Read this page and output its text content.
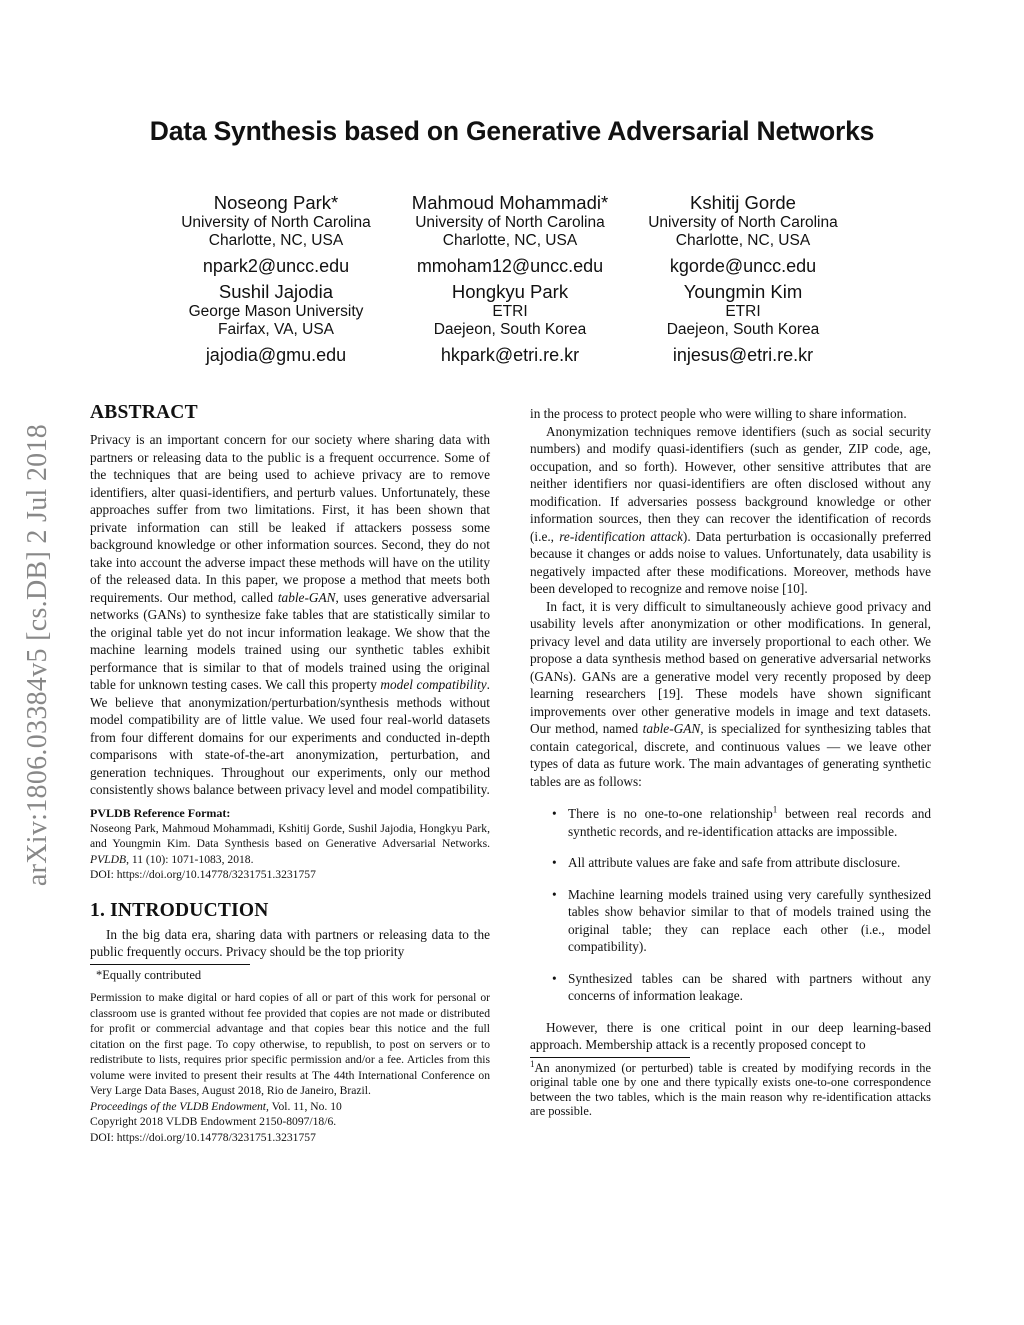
arXiv:1806.03384v5 [cs.DB] 2 Jul 2018
Data Synthesis based on Generative Adversarial Networks
Noseong Park*
University of North Carolina
Charlotte, NC, USA
npark2@uncc.edu
Mahmoud Mohammadi*
University of North Carolina
Charlotte, NC, USA
mmoham12@uncc.edu
Kshitij Gorde
University of North Carolina
Charlotte, NC, USA
kgorde@uncc.edu
Sushil Jajodia
George Mason University
Fairfax, VA, USA
jajodia@gmu.edu
Hongkyu Park
ETRI
Daejeon, South Korea
hkpark@etri.re.kr
Youngmin Kim
ETRI
Daejeon, South Korea
injesus@etri.re.kr
ABSTRACT

Privacy is an important concern for our society where sharing data with partners or releasing data to the public is a frequent occurrence. Some of the techniques that are being used to achieve privacy are to remove identifiers, alter quasi-identifiers, and perturb values. Unfortunately, these approaches suffer from two limitations. First, it has been shown that private information can still be leaked if attackers possess some background knowledge or other information sources. Second, they do not take into account the adverse impact these methods will have on the utility of the released data. In this paper, we propose a method that meets both requirements. Our method, called table-GAN, uses generative adversarial networks (GANs) to synthesize fake tables that are statistically similar to the original table yet do not incur information leakage. We show that the machine learning models trained using our synthetic tables exhibit performance that is similar to that of models trained using the original table for unknown testing cases. We call this property model compatibility. We believe that anonymization/perturbation/synthesis methods without model compatibility are of little value. We used four real-world datasets from four different domains for our experiments and conducted in-depth comparisons with state-of-the-art anonymization, perturbation, and generation techniques. Throughout our experiments, only our method consistently shows balance between privacy level and model compatibility.

PVLDB Reference Format:

Noseong Park, Mahmoud Mohammadi, Kshitij Gorde, Sushil Jajodia, Hongkyu Park, and Youngmin Kim. Data Synthesis based on Generative Adversarial Networks. PVLDB, 11 (10): 1071-1083, 2018.

DOI: https://doi.org/10.14778/3231751.3231757

1. INTRODUCTION

In the big data era, sharing data with partners or releasing data to the public frequently occurs. Privacy should be the top priority

*Equally contributed

Permission to make digital or hard copies of all or part of this work for personal or classroom use is granted without fee provided that copies are not made or distributed for profit or commercial advantage and that copies bear this notice and the full citation on the first page. To copy otherwise, to republish, to post on servers or to redistribute to lists, requires prior specific permission and/or a fee. Articles from this volume were invited to present their results at The 44th International Conference on Very Large Data Bases, August 2018, Rio de Janeiro, Brazil.

Proceedings of the VLDB Endowment, Vol. 11, No. 10

Copyright 2018 VLDB Endowment 2150-8097/18/6.

DOI: https://doi.org/10.14778/3231751.3231757

in the process to protect people who were willing to share information.

Anonymization techniques remove identifiers (such as social security numbers) and modify quasi-identifiers (such as gender, ZIP code, age, occupation, and so forth). However, other sensitive attributes that are neither identifiers nor quasi-identifiers are often disclosed without any modification. If adversaries possess background knowledge or other information sources, then they can recover the identification of records (i.e., re-identification attack). Data perturbation is occasionally preferred because it changes or adds noise to values. Unfortunately, data usability is negatively impacted after these modifications. Moreover, methods have been developed to recognize and remove noise [10].

In fact, it is very difficult to simultaneously achieve good privacy and usability levels after anonymization or other modifications. In general, privacy level and data utility are inversely proportional to each other. We propose a data synthesis method based on generative adversarial networks (GANs). GANs are a generative model very recently proposed by deep learning researchers [19]. These models have shown significant improvements over other generative models in image and text datasets. Our method, named table-GAN, is specialized for synthesizing tables that contain categorical, discrete, and continuous values — we leave other types of data as future work. The main advantages of generating synthetic tables are as follows:

• There is no one-to-one relationship$^1$ between real records and synthetic records, and re-identification attacks are impossible.
• All attribute values are fake and safe from attribute disclosure.
• Machine learning models trained using very carefully synthesized tables show behavior similar to that of models trained using the original table; they can replace each other (i.e., model compatibility).
• Synthesized tables can be shared with partners without any concerns of information leakage.

However, there is one critical point in our deep learning-based approach. Membership attack is a recently proposed concept to

$^1$An anonymized (or perturbed) table is created by modifying records in the original table one by one and there typically exists one-to-one correspondence between the two tables, which is the main reason why re-identification attacks are possible.
